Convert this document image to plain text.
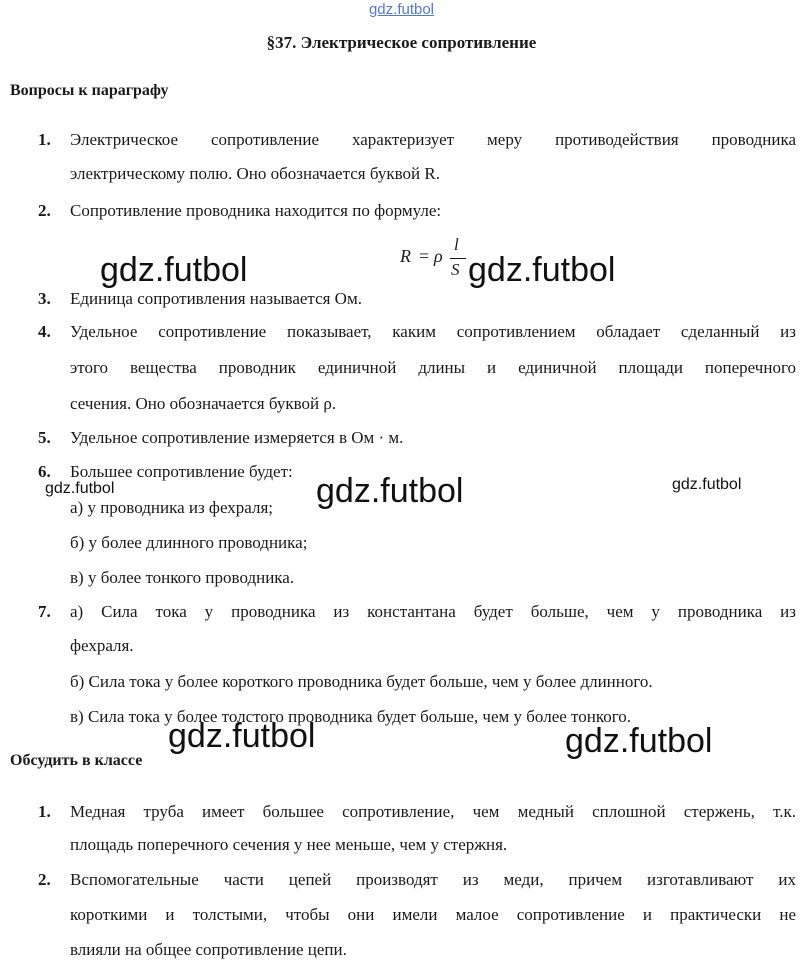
gdz.futbol
§37. Электрическое сопротивление
Вопросы к параграфу
1. Электрическое сопротивление характеризует меру противодействия проводника
электрическому полю. Оно обозначается буквой R.
2. Сопротивление проводника находится по формуле:
R = ρ
l
S
3. Единица сопротивления называется Ом.
4. Удельное сопротивление показывает, каким сопротивлением обладает сделанный из
этого вещества проводник единичной длины и единичной площади поперечного
сечения. Оно обозначается буквой ρ.
5. Удельное сопротивление измеряется в Ом · м.
6. Большее сопротивление будет:
а) у проводника из фехраля;
б) у более длинного проводника;
в) у более тонкого проводника.
7. а) Сила тока у проводника из константана будет больше, чем у проводника из
фехраля.
б) Сила тока у более короткого проводника будет больше, чем у более длинного.
в) Сила тока у более толстого проводника будет больше, чем у более тонкого.
Обсудить в классе
1. Медная труба имеет большее сопротивление, чем медный сплошной стержень, т.к.
площадь поперечного сечения у нее меньше, чем у стержня.
2. Вспомогательные части цепей производят из меди, причем изготавливают их
короткими и толстыми, чтобы они имели малое сопротивление и практически не
влияли на общее сопротивление цепи.
gdz.futbol	gdz.futbol
gdz.futbol	gdz.futbol	gdz.futbol
gdz.futbol	gdz.futbol
